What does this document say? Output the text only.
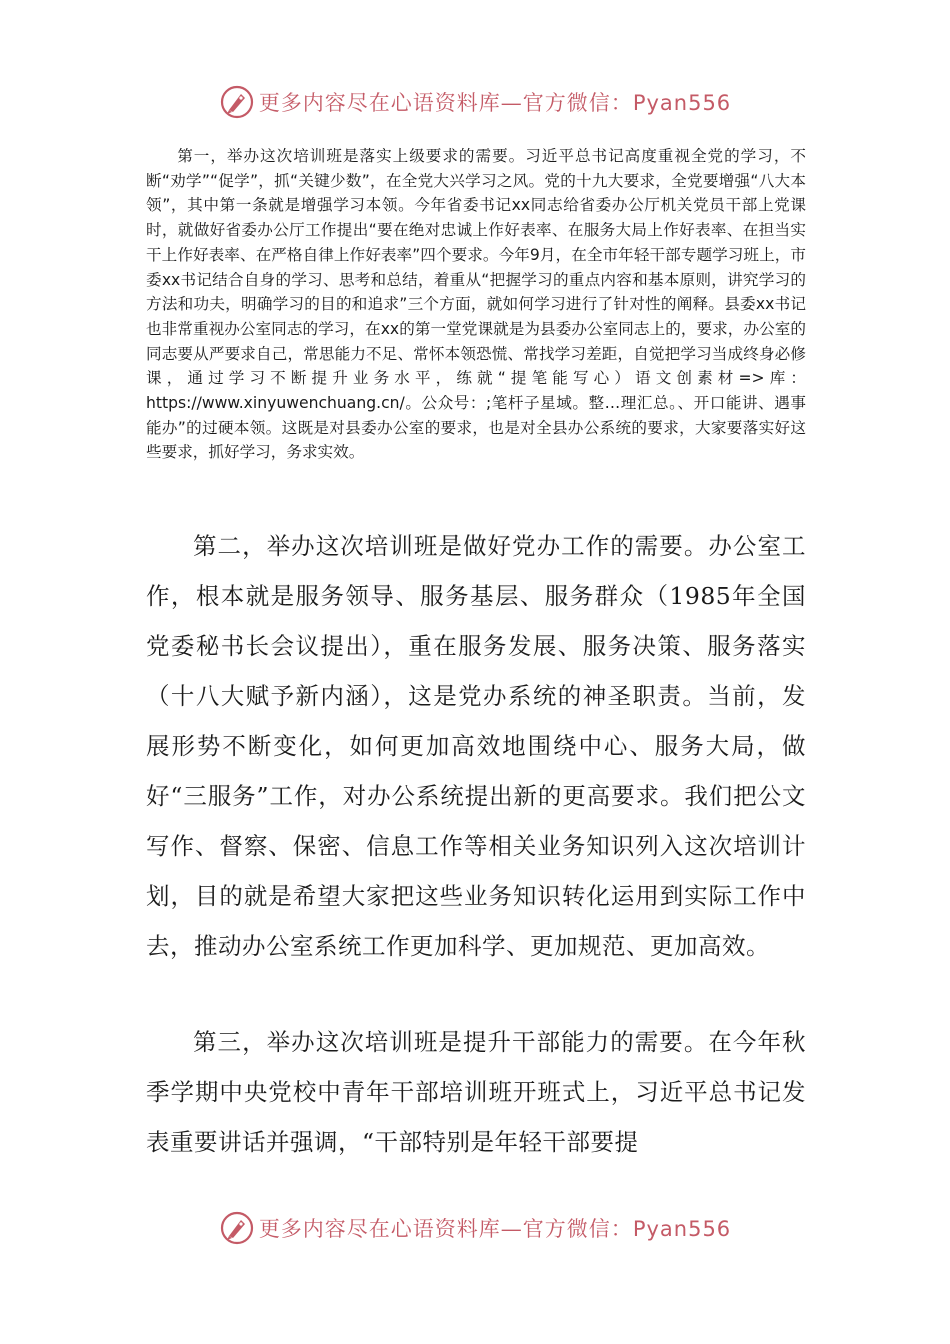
更多内容尽在心语资料库—官方微信：Pyan556

第一，举办这次培训班是落实上级要求的需要。习近平总书记高度重视全党的学习，不断“劝学”“促学”，抓“关键少数”，在全党大兴学习之风。党的十九大要求，全党要增强“八大本领”，其中第一条就是增强学习本领。今年省委书记xx同志给省委办公厅机关党员干部上党课时，就做好省委办公厅工作提出“要在绝对忠诚上作好表率、在服务大局上作好表率、在担当实干上作好表率、在严格自律上作好表率”四个要求。今年9月，在全市年轻干部专题学习班上，市委xx书记结合自身的学习、思考和总结，着重从“把握学习的重点内容和基本原则，讲究学习的方法和功夫，明确学习的目的和追求”三个方面，就如何学习进行了针对性的阐释。县委xx书记也非常重视办公室同志的学习，在xx的第一堂党课就是为县委办公室同志上的，要求，办公室的同志要从严要求自己，常思能力不足、常怀本领恐慌、常找学习差距，自觉把学习当成终身必修课，通过学习不断提升业务水平，练就“提笔能写心）语文创素材=>库：https://www.xinyuwenchuang.cn/。公众号：;笔杆子星域。整…理汇总。、开口能讲、遇事能办”的过硬本领。这既是对县委办公室的要求，也是对全县办公系统的要求，大家要落实好这些要求，抓好学习，务求实效。

第二，举办这次培训班是做好党办工作的需要。办公室工作，根本就是服务领导、服务基层、服务群众（1985年全国党委秘书长会议提出），重在服务发展、服务决策、服务落实（十八大赋予新内涵），这是党办系统的神圣职责。当前，发展形势不断变化，如何更加高效地围绕中心、服务大局，做好“三服务”工作，对办公系统提出新的更高要求。我们把公文写作、督察、保密、信息工作等相关业务知识列入这次培训计划，目的就是希望大家把这些业务知识转化运用到实际工作中去，推动办公室系统工作更加科学、更加规范、更加高效。

第三，举办这次培训班是提升干部能力的需要。在今年秋季学期中央党校中青年干部培训班开班式上，习近平总书记发表重要讲话并强调，“干部特别是年轻干部要提

更多内容尽在心语资料库—官方微信：Pyan556
